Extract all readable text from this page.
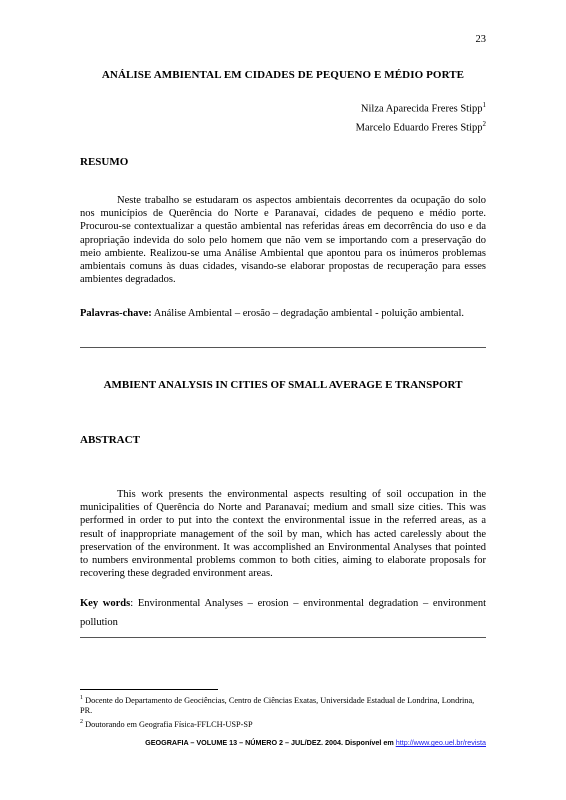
23
ANÁLISE AMBIENTAL EM CIDADES DE PEQUENO E MÉDIO PORTE
Nilza Aparecida Freres Stipp$^1$
Marcelo Eduardo Freres Stipp$^2$
RESUMO

Neste trabalho se estudaram os aspectos ambientais decorrentes da ocupação do solo nos municípios de Querência do Norte e Paranavaí, cidades de pequeno e médio porte. Procurou-se contextualizar a questão ambiental nas referidas áreas em decorrência do uso e da apropriação indevida do solo pelo homem que não vem se importando com a preservação do meio ambiente. Realizou-se uma Análise Ambiental que apontou para os inúmeros problemas ambientais comuns às duas cidades, visando-se elaborar propostas de recuperação para esses ambientes degradados.

Palavras-chave: Análise Ambiental – erosão – degradação ambiental - poluição ambiental.

AMBIENT ANALYSIS IN CITIES OF SMALL AVERAGE E TRANSPORT
ABSTRACT

This work presents the environmental aspects resulting of soil occupation in the municipalities of Querência do Norte and Paranavaí; medium and small size cities. This was performed in order to put into the context the environmental issue in the referred areas, as a result of inappropriate management of the soil by man, which has acted carelessly about the preservation of the environment. It was accomplished an Environmental Analyses that pointed to numbers environmental problems common to both cities, aiming to elaborate proposals for recovering these degraded environment areas.

Key words: Environmental Analyses – erosion – environmental degradation – environment pollution

$^1$ Docente do Departamento de Geociências, Centro de Ciências Exatas, Universidade Estadual de Londrina, Londrina, PR.

$^2$ Doutorando em Geografia Física-FFLCH-USP-SP

GEOGRAFIA – VOLUME 13 – NÚMERO 2 – JUL/DEZ. 2004. Disponível em http://www.geo.uel.br/revista
